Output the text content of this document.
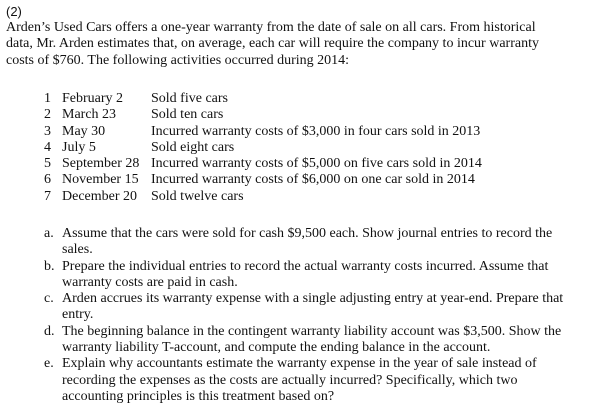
(2)
Arden’s Used Cars offers a one-year warranty from the date of sale on all cars. From historical
data, Mr. Arden estimates that, on average, each car will require the company to incur warranty
costs of $760. The following activities occurred during 2014:
1 February 2 Sold five cars
2 March 23 Sold ten cars
3 May 30	Incurred warranty costs of $3,000 in four cars sold in 2013
4 July 5	Sold eight cars
5 September 28 Incurred warranty costs of $5,000 on five cars sold in 2014
6 November 15 Incurred warranty costs of $6,000 on one car sold in 2014
7 December 20 Sold twelve cars
a. Assume that the cars were sold for cash $9,500 each. Show journal entries to record the
sales.
b. Prepare the individual entries to record the actual warranty costs incurred. Assume that
warranty costs are paid in cash.
c. Arden accrues its warranty expense with a single adjusting entry at year-end. Prepare that
entry.
d. The beginning balance in the contingent warranty liability account was $3,500. Show the
warranty liability T-account, and compute the ending balance in the account.
e. Explain why accountants estimate the warranty expense in the year of sale instead of
recording the expenses as the costs are actually incurred? Specifically, which two
accounting principles is this treatment based on?
